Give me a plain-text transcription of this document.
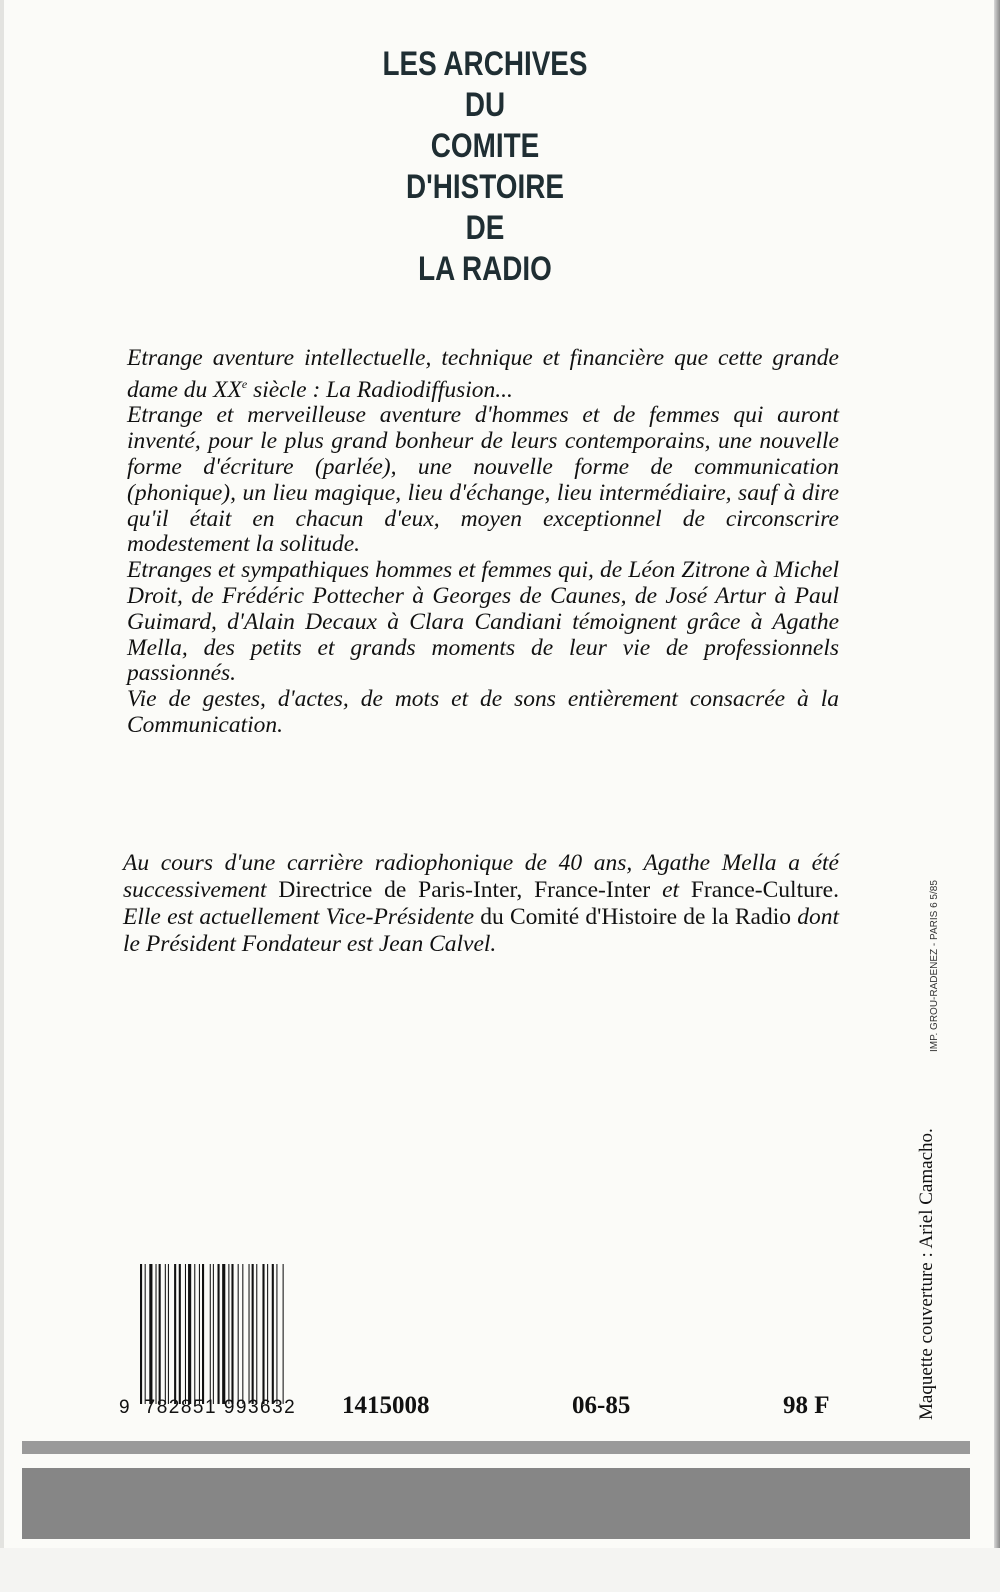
LES ARCHIVES
DU
COMITE
D'HISTOIRE
DE
LA RADIO

Etrange aventure intellectuelle, technique et financière que cette grande dame du XXe siècle : La Radiodiffusion...

Etrange et merveilleuse aventure d'hommes et de femmes qui auront inventé, pour le plus grand bonheur de leurs contemporains, une nouvelle forme d'écriture (parlée), une nouvelle forme de communication (phonique), un lieu magique, lieu d'échange, lieu intermédiaire, sauf à dire qu'il était en chacun d'eux, moyen exceptionnel de circonscrire modestement la solitude.

Etranges et sympathiques hommes et femmes qui, de Léon Zitrone à Michel Droit, de Frédéric Pottecher à Georges de Caunes, de José Artur à Paul Guimard, d'Alain Decaux à Clara Candiani témoignent grâce à Agathe Mella, des petits et grands moments de leur vie de professionnels passionnés.

Vie de gestes, d'actes, de mots et de sons entièrement consacrée à la Communication.

Au cours d'une carrière radiophonique de 40 ans, Agathe Mella a été successivement Directrice de Paris-Inter, France-Inter et France-Culture. Elle est actuellement Vice-Présidente du Comité d'Histoire de la Radio dont le Président Fondateur est Jean Calvel.

Maquette couverture : Ariel Camacho.
IMP. GROU-RADENEZ - PARIS 6 5/85
9 782851 993632 1415008	06-85	98 F
